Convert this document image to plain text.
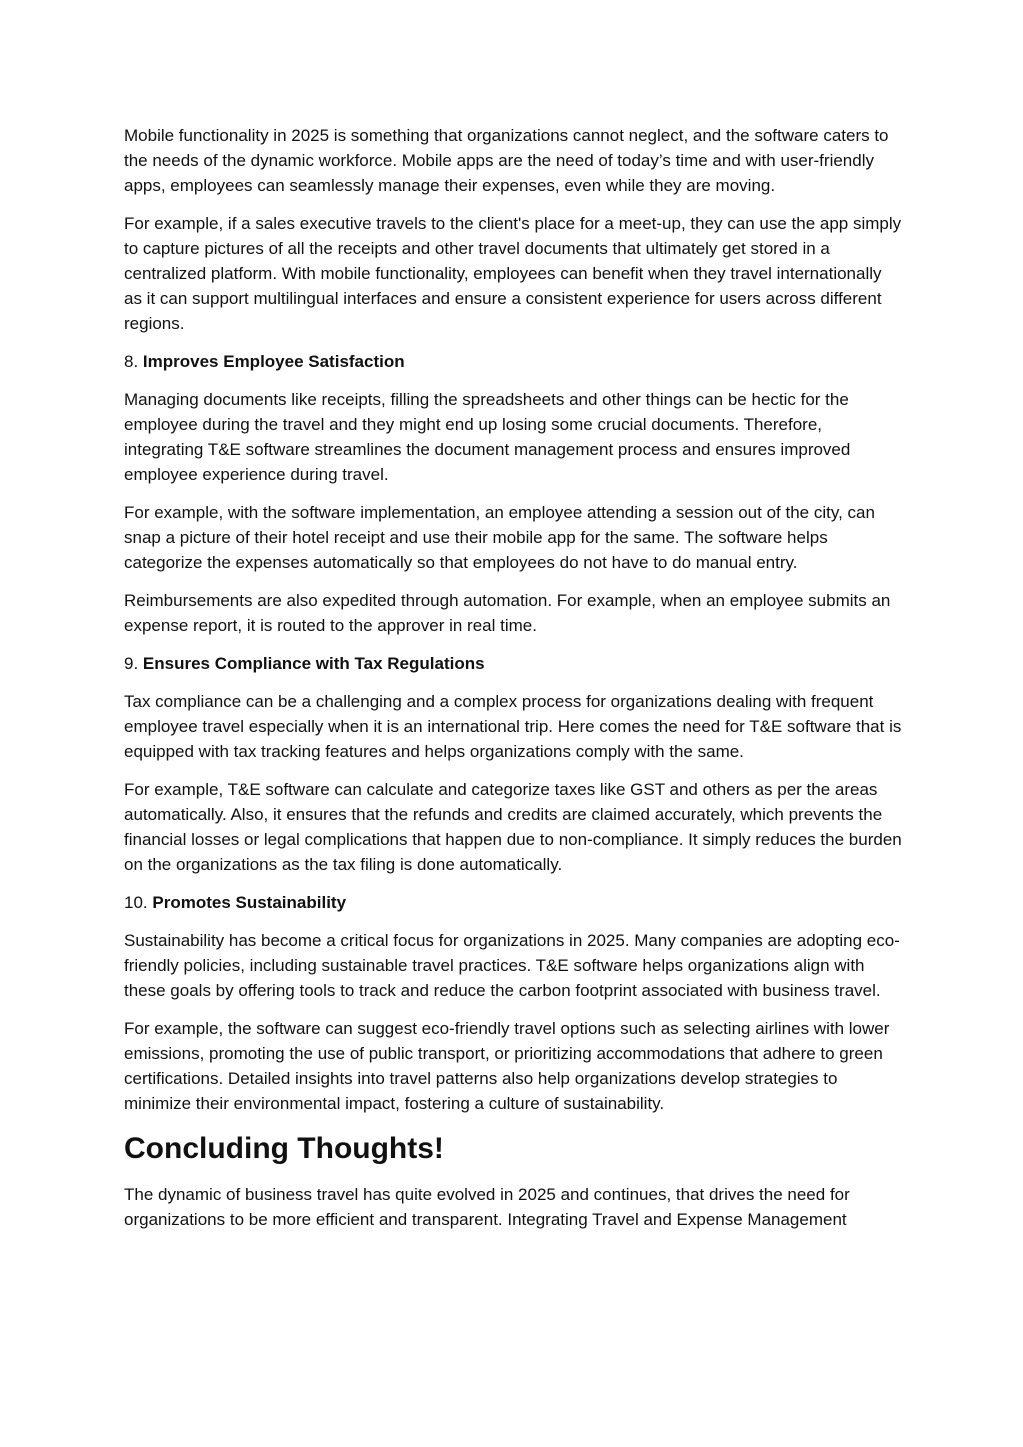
Mobile functionality in 2025 is something that organizations cannot neglect, and the software caters to the needs of the dynamic workforce. Mobile apps are the need of today’s time and with user-friendly apps, employees can seamlessly manage their expenses, even while they are moving.

For example, if a sales executive travels to the client's place for a meet-up, they can use the app simply to capture pictures of all the receipts and other travel documents that ultimately get stored in a centralized platform. With mobile functionality, employees can benefit when they travel internationally as it can support multilingual interfaces and ensure a consistent experience for users across different regions.

8. Improves Employee Satisfaction

Managing documents like receipts, filling the spreadsheets and other things can be hectic for the employee during the travel and they might end up losing some crucial documents. Therefore, integrating T&E software streamlines the document management process and ensures improved employee experience during travel.

For example, with the software implementation, an employee attending a session out of the city, can snap a picture of their hotel receipt and use their mobile app for the same. The software helps categorize the expenses automatically so that employees do not have to do manual entry.

Reimbursements are also expedited through automation. For example, when an employee submits an expense report, it is routed to the approver in real time.

9. Ensures Compliance with Tax Regulations

Tax compliance can be a challenging and a complex process for organizations dealing with frequent employee travel especially when it is an international trip. Here comes the need for T&E software that is equipped with tax tracking features and helps organizations comply with the same.

For example, T&E software can calculate and categorize taxes like GST and others as per the areas automatically. Also, it ensures that the refunds and credits are claimed accurately, which prevents the financial losses or legal complications that happen due to non-compliance. It simply reduces the burden on the organizations as the tax filing is done automatically.

10. Promotes Sustainability

Sustainability has become a critical focus for organizations in 2025. Many companies are adopting eco-friendly policies, including sustainable travel practices. T&E software helps organizations align with these goals by offering tools to track and reduce the carbon footprint associated with business travel.

For example, the software can suggest eco-friendly travel options such as selecting airlines with lower emissions, promoting the use of public transport, or prioritizing accommodations that adhere to green certifications. Detailed insights into travel patterns also help organizations develop strategies to minimize their environmental impact, fostering a culture of sustainability.

Concluding Thoughts!

The dynamic of business travel has quite evolved in 2025 and continues, that drives the need for organizations to be more efficient and transparent. Integrating Travel and Expense Management
